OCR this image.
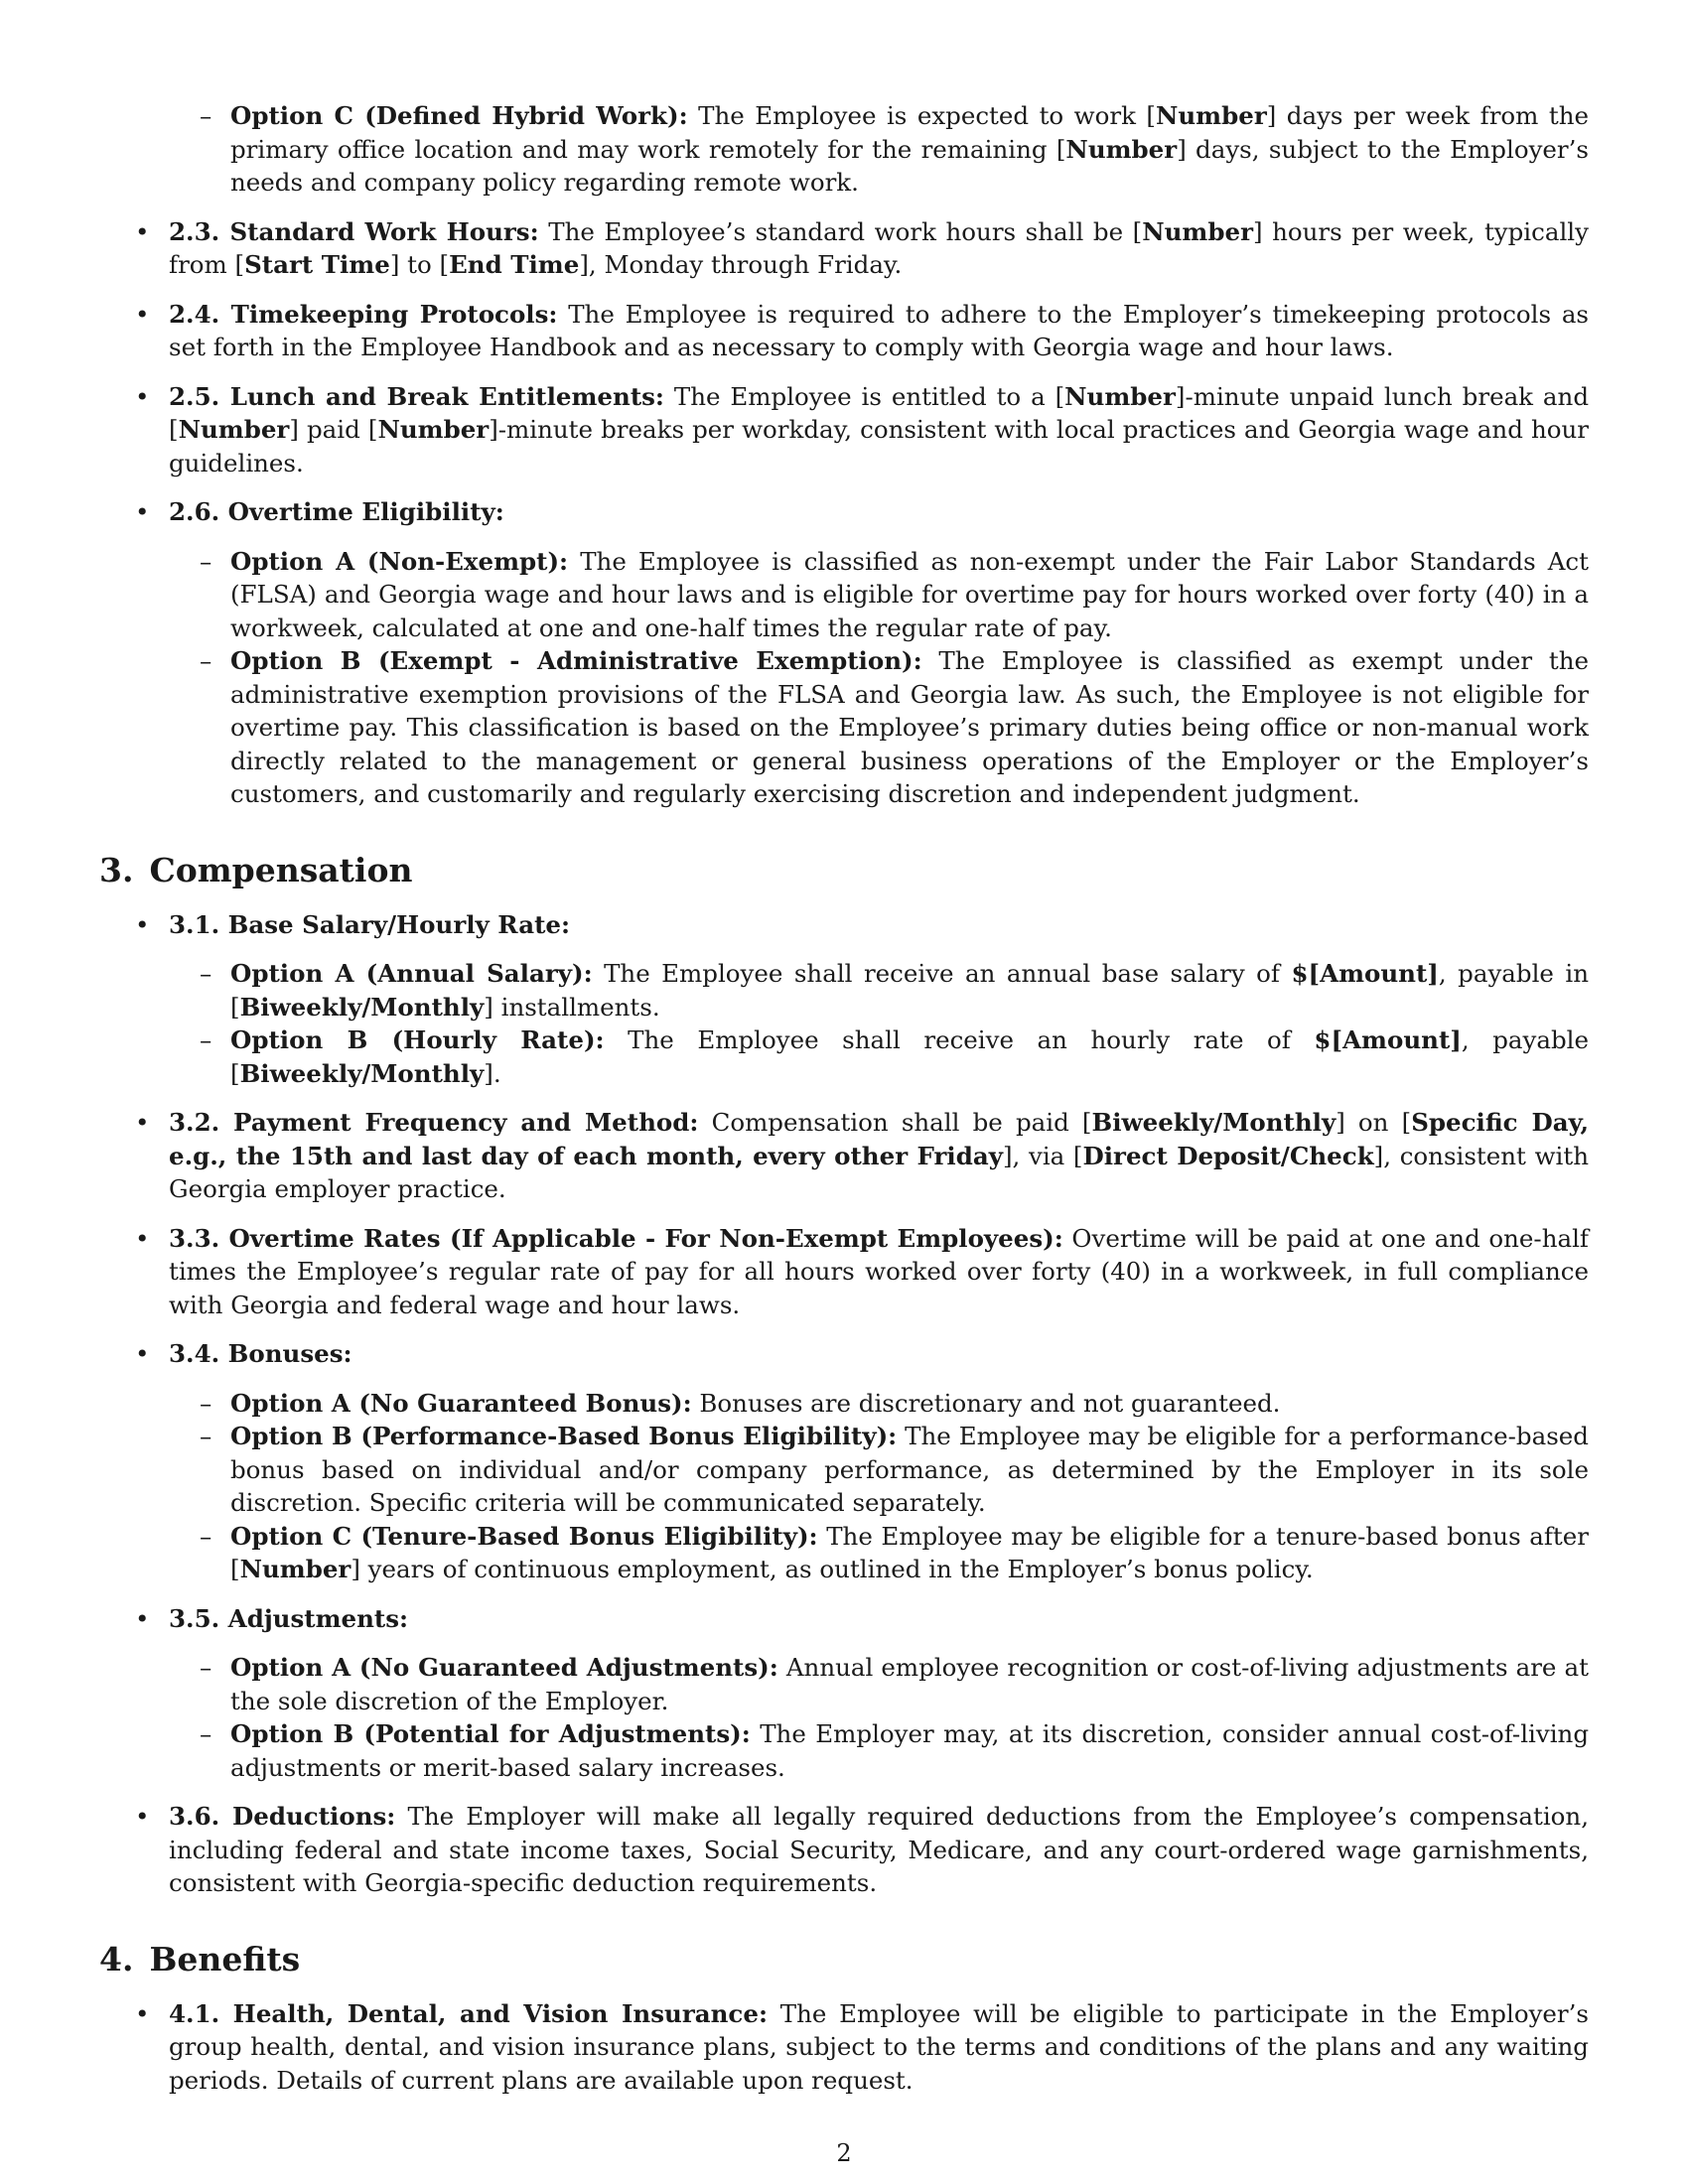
– Option C (Defined Hybrid Work): The Employee is expected to work [Number] days per week from the primary office location and may work remotely for the remaining [Number] days, subject to the Employer’s needs and company policy regarding remote work.
• 2.3. Standard Work Hours: The Employee’s standard work hours shall be [Number] hours per week, typically from [Start Time] to [End Time], Monday through Friday.
• 2.4. Timekeeping Protocols: The Employee is required to adhere to the Employer’s timekeeping protocols as set forth in the Employee Handbook and as necessary to comply with Georgia wage and hour laws.
• 2.5. Lunch and Break Entitlements: The Employee is entitled to a [Number]-minute unpaid lunch break and [Number] paid [Number]-minute breaks per workday, consistent with local practices and Georgia wage and hour guidelines.
• 2.6. Overtime Eligibility:
– Option A (Non-Exempt): The Employee is classified as non-exempt under the Fair Labor Standards Act (FLSA) and Georgia wage and hour laws and is eligible for overtime pay for hours worked over forty (40) in a workweek, calculated at one and one-half times the regular rate of pay.
– Option B (Exempt - Administrative Exemption): The Employee is classified as exempt under the administrative exemption provisions of the FLSA and Georgia law. As such, the Employee is not eligible for overtime pay. This classification is based on the Employee’s primary duties being office or non-manual work directly related to the management or general business operations of the Employer or the Employer’s customers, and customarily and regularly exercising discretion and independent judgment.
3. Compensation
• 3.1. Base Salary/Hourly Rate:
– Option A (Annual Salary): The Employee shall receive an annual base salary of $[Amount], payable in [Biweekly/Monthly] installments.
– Option B (Hourly Rate): The Employee shall receive an hourly rate of $[Amount], payable [Biweekly/Monthly].
• 3.2. Payment Frequency and Method: Compensation shall be paid [Biweekly/Monthly] on [Specific Day, e.g., the 15th and last day of each month, every other Friday], via [Direct Deposit/Check], consistent with Georgia employer practice.
• 3.3. Overtime Rates (If Applicable - For Non-Exempt Employees): Overtime will be paid at one and one-half times the Employee’s regular rate of pay for all hours worked over forty (40) in a workweek, in full compliance with Georgia and federal wage and hour laws.
• 3.4. Bonuses:
– Option A (No Guaranteed Bonus): Bonuses are discretionary and not guaranteed.
– Option B (Performance-Based Bonus Eligibility): The Employee may be eligible for a performance-based bonus based on individual and/or company performance, as determined by the Employer in its sole discretion. Specific criteria will be communicated separately.
– Option C (Tenure-Based Bonus Eligibility): The Employee may be eligible for a tenure-based bonus after [Number] years of continuous employment, as outlined in the Employer’s bonus policy.
• 3.5. Adjustments:
– Option A (No Guaranteed Adjustments): Annual employee recognition or cost-of-living adjustments are at the sole discretion of the Employer.
– Option B (Potential for Adjustments): The Employer may, at its discretion, consider annual cost-of-living adjustments or merit-based salary increases.
• 3.6. Deductions: The Employer will make all legally required deductions from the Employee’s compensation, including federal and state income taxes, Social Security, Medicare, and any court-ordered wage garnishments, consistent with Georgia-specific deduction requirements.
4. Benefits
• 4.1. Health, Dental, and Vision Insurance: The Employee will be eligible to participate in the Employer’s group health, dental, and vision insurance plans, subject to the terms and conditions of the plans and any waiting periods. Details of current plans are available upon request.
2
